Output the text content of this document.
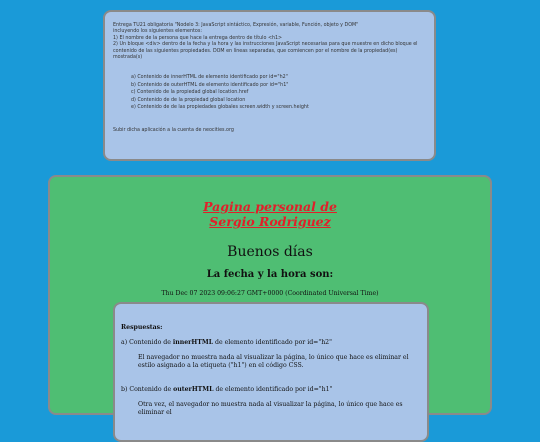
Entrega TU21 obligatoria "Nodelo 3: JavaScript sintáctico, Expresión, variable, Función, objeto y DOM"

incluyendo los siguientes elementos:

1) El nombre de la persona que hace la entrega dentro de título <h1>

2) Un bloque <div> dentro de la fecha y la hora y las instrucciones JavaScript necesarias para que muestre en dicho bloque el

contenido de las siguientes propiedades. DOM en líneas separadas, que comiencen por el nombre de la propiedad(es) mostrada(s)

a) Contenido de innerHTML de elemento identificado por id="h2"

b) Contenido de outerHTML de elemento identificado por id="h1"

c) Contenido de la propiedad global location.href

d) Contenido de de la propiedad global location

e) Contenido de de las propiedades globales screen.width y screen.height

Subir dicha aplicación a la cuenta de neocities.org

Pagina personal de
Sergio Rodriguez
Buenos días
La fecha y la hora son:
Thu Dec 07 2023 09:06:27 GMT+0000 (Coordinated Universal Time)

Respuestas:

a) Contenido de innerHTML de elemento identificado por id="h2"

El navegador no muestra nada al visualizar la página, lo único que hace es eliminar el estilo asignado a la etiqueta ("h1") en el código CSS.

b) Contenido de outerHTML de elemento identificado por id="h1"

Otra vez, el navegador no muestra nada al visualizar la página, lo único que hace es eliminar el
